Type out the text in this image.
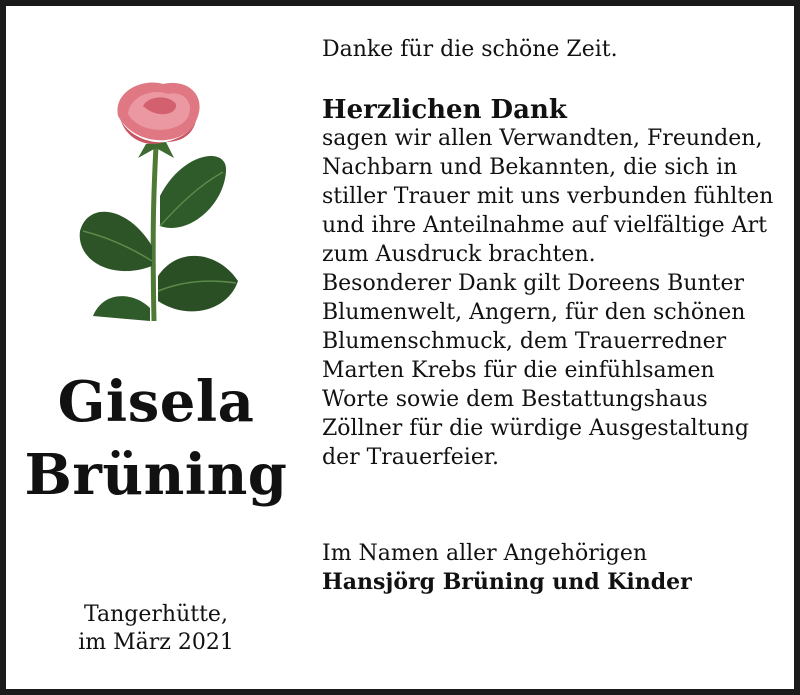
Gisela
Brüning
Tangerhütte,
im März 2021
Danke für die schöne Zeit.
Herzlichen Dank
sagen wir allen Verwandten, Freunden,
Nachbarn und Bekannten, die sich in
stiller Trauer mit uns verbunden fühlten
und ihre Anteilnahme auf vielfältige Art
zum Ausdruck brachten.
Besonderer Dank gilt Doreens Bunter
Blumenwelt, Angern, für den schönen
Blumenschmuck, dem Trauerredner
Marten Krebs für die einfühlsamen
Worte sowie dem Bestattungshaus
Zöllner für die würdige Ausgestaltung
der Trauerfeier.
Im Namen aller Angehörigen
Hansjörg Brüning und Kinder
